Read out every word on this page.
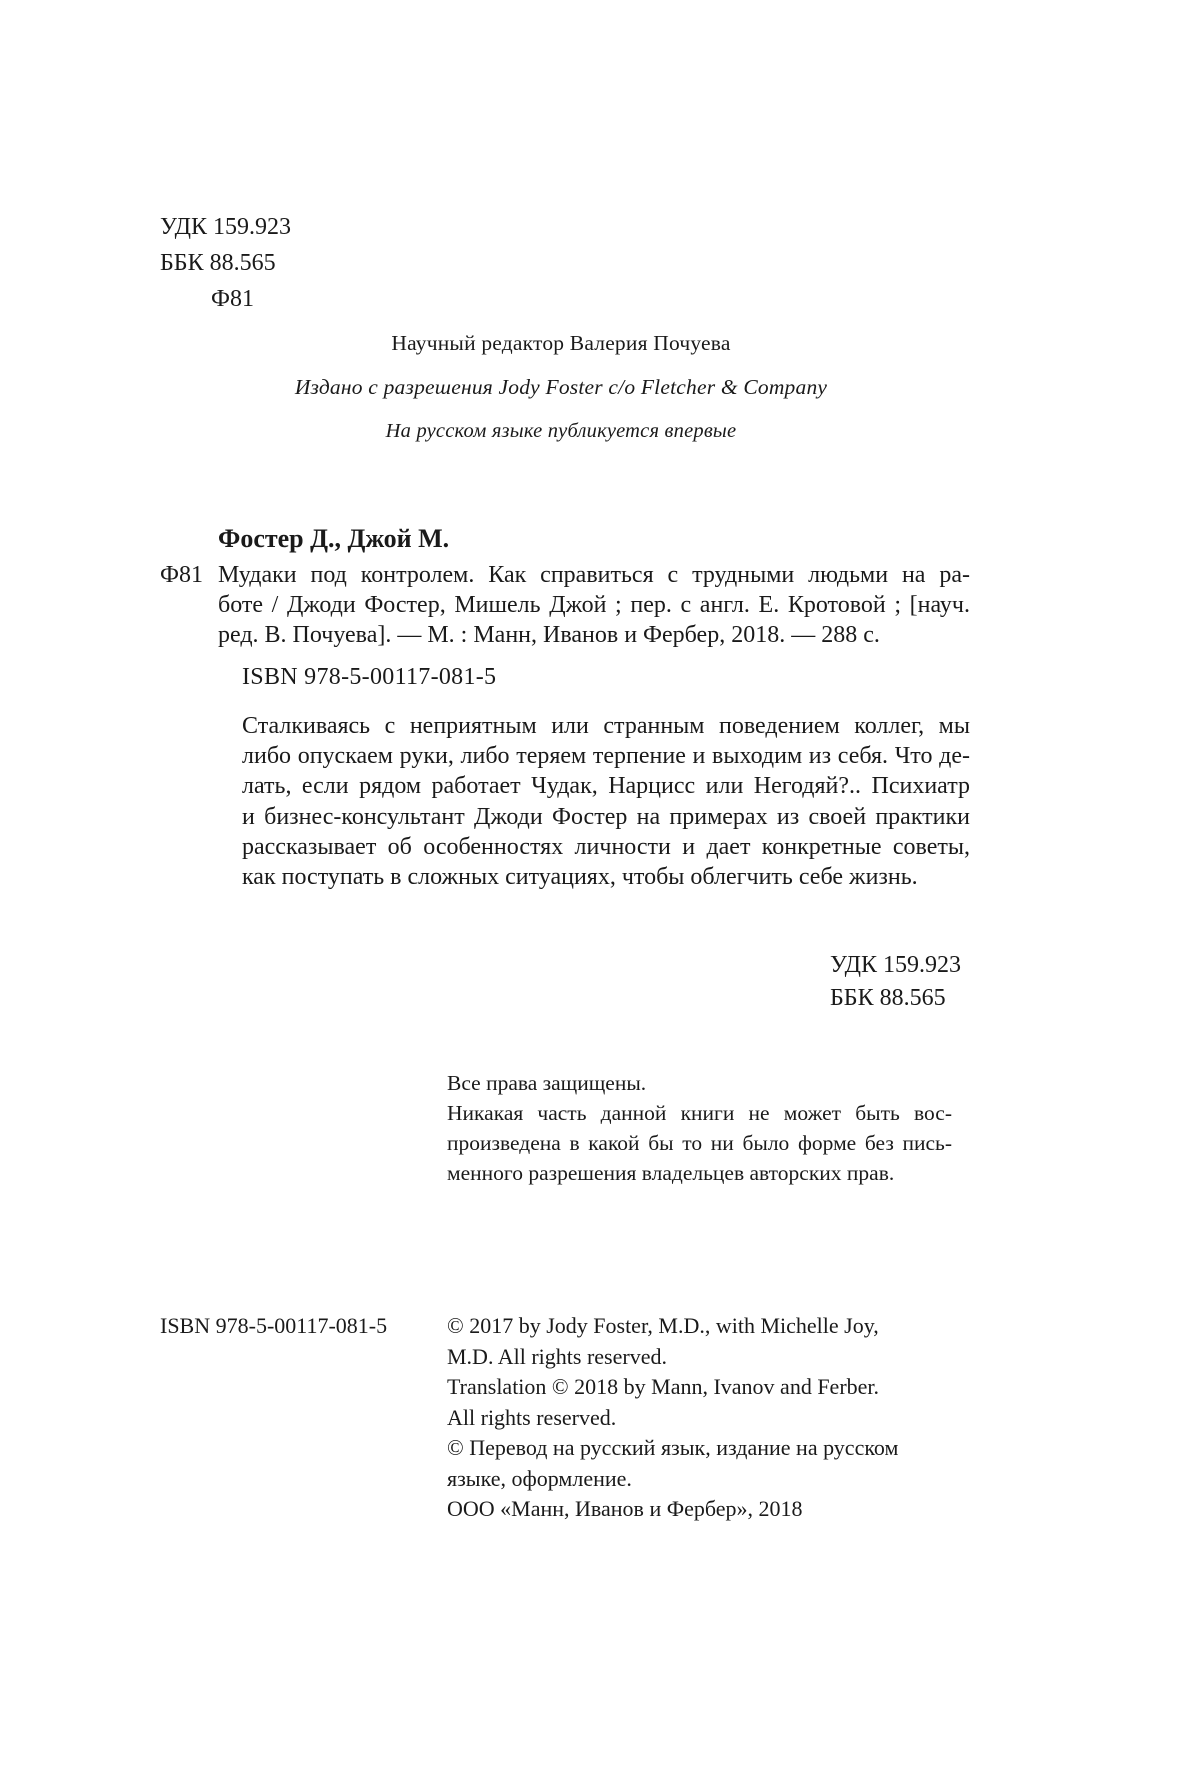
УДК 159.923

ББК 88.565

Ф81

Научный редактор Валерия Почуева

Издано с разрешения Jody Foster c/o Fletcher & Company

На русском языке публикуется впервые

Фостер Д., Джой М.

Ф81 Мудаки под контролем. Как справиться с трудными людьми на ра-
боте / Джоди Фостер, Мишель Джой ; пер. с англ. Е. Кротовой ; [науч.
ред. В. Почуева]. — М. : Манн, Иванов и Фербер, 2018. — 288 с.

ISBN 978-5-00117-081-5

Сталкиваясь с неприятным или странным поведением коллег, мы
либо опускаем руки, либо теряем терпение и выходим из себя. Что де-
лать, если рядом работает Чудак, Нарцисс или Негодяй?.. Психиатр
и бизнес-консультант Джоди Фостер на примерах из своей практики
рассказывает об особенностях личности и дает конкретные советы,
как поступать в сложных ситуациях, чтобы облегчить себе жизнь.

УДК 159.923

ББК 88.565

Все права защищены.
Никакая часть данной книги не может быть вос-
произведена в какой бы то ни было форме без пись-
менного разрешения владельцев авторских прав.

ISBN 978-5-00117-081-5	© 2017 by Jody Foster, M.D., with Michelle Joy,
M.D. All rights reserved.
Translation © 2018 by Mann, Ivanov and Ferber.
All rights reserved.
© Перевод на русский язык, издание на русском
языке, оформление.
ООО «Манн, Иванов и Фербер», 2018
